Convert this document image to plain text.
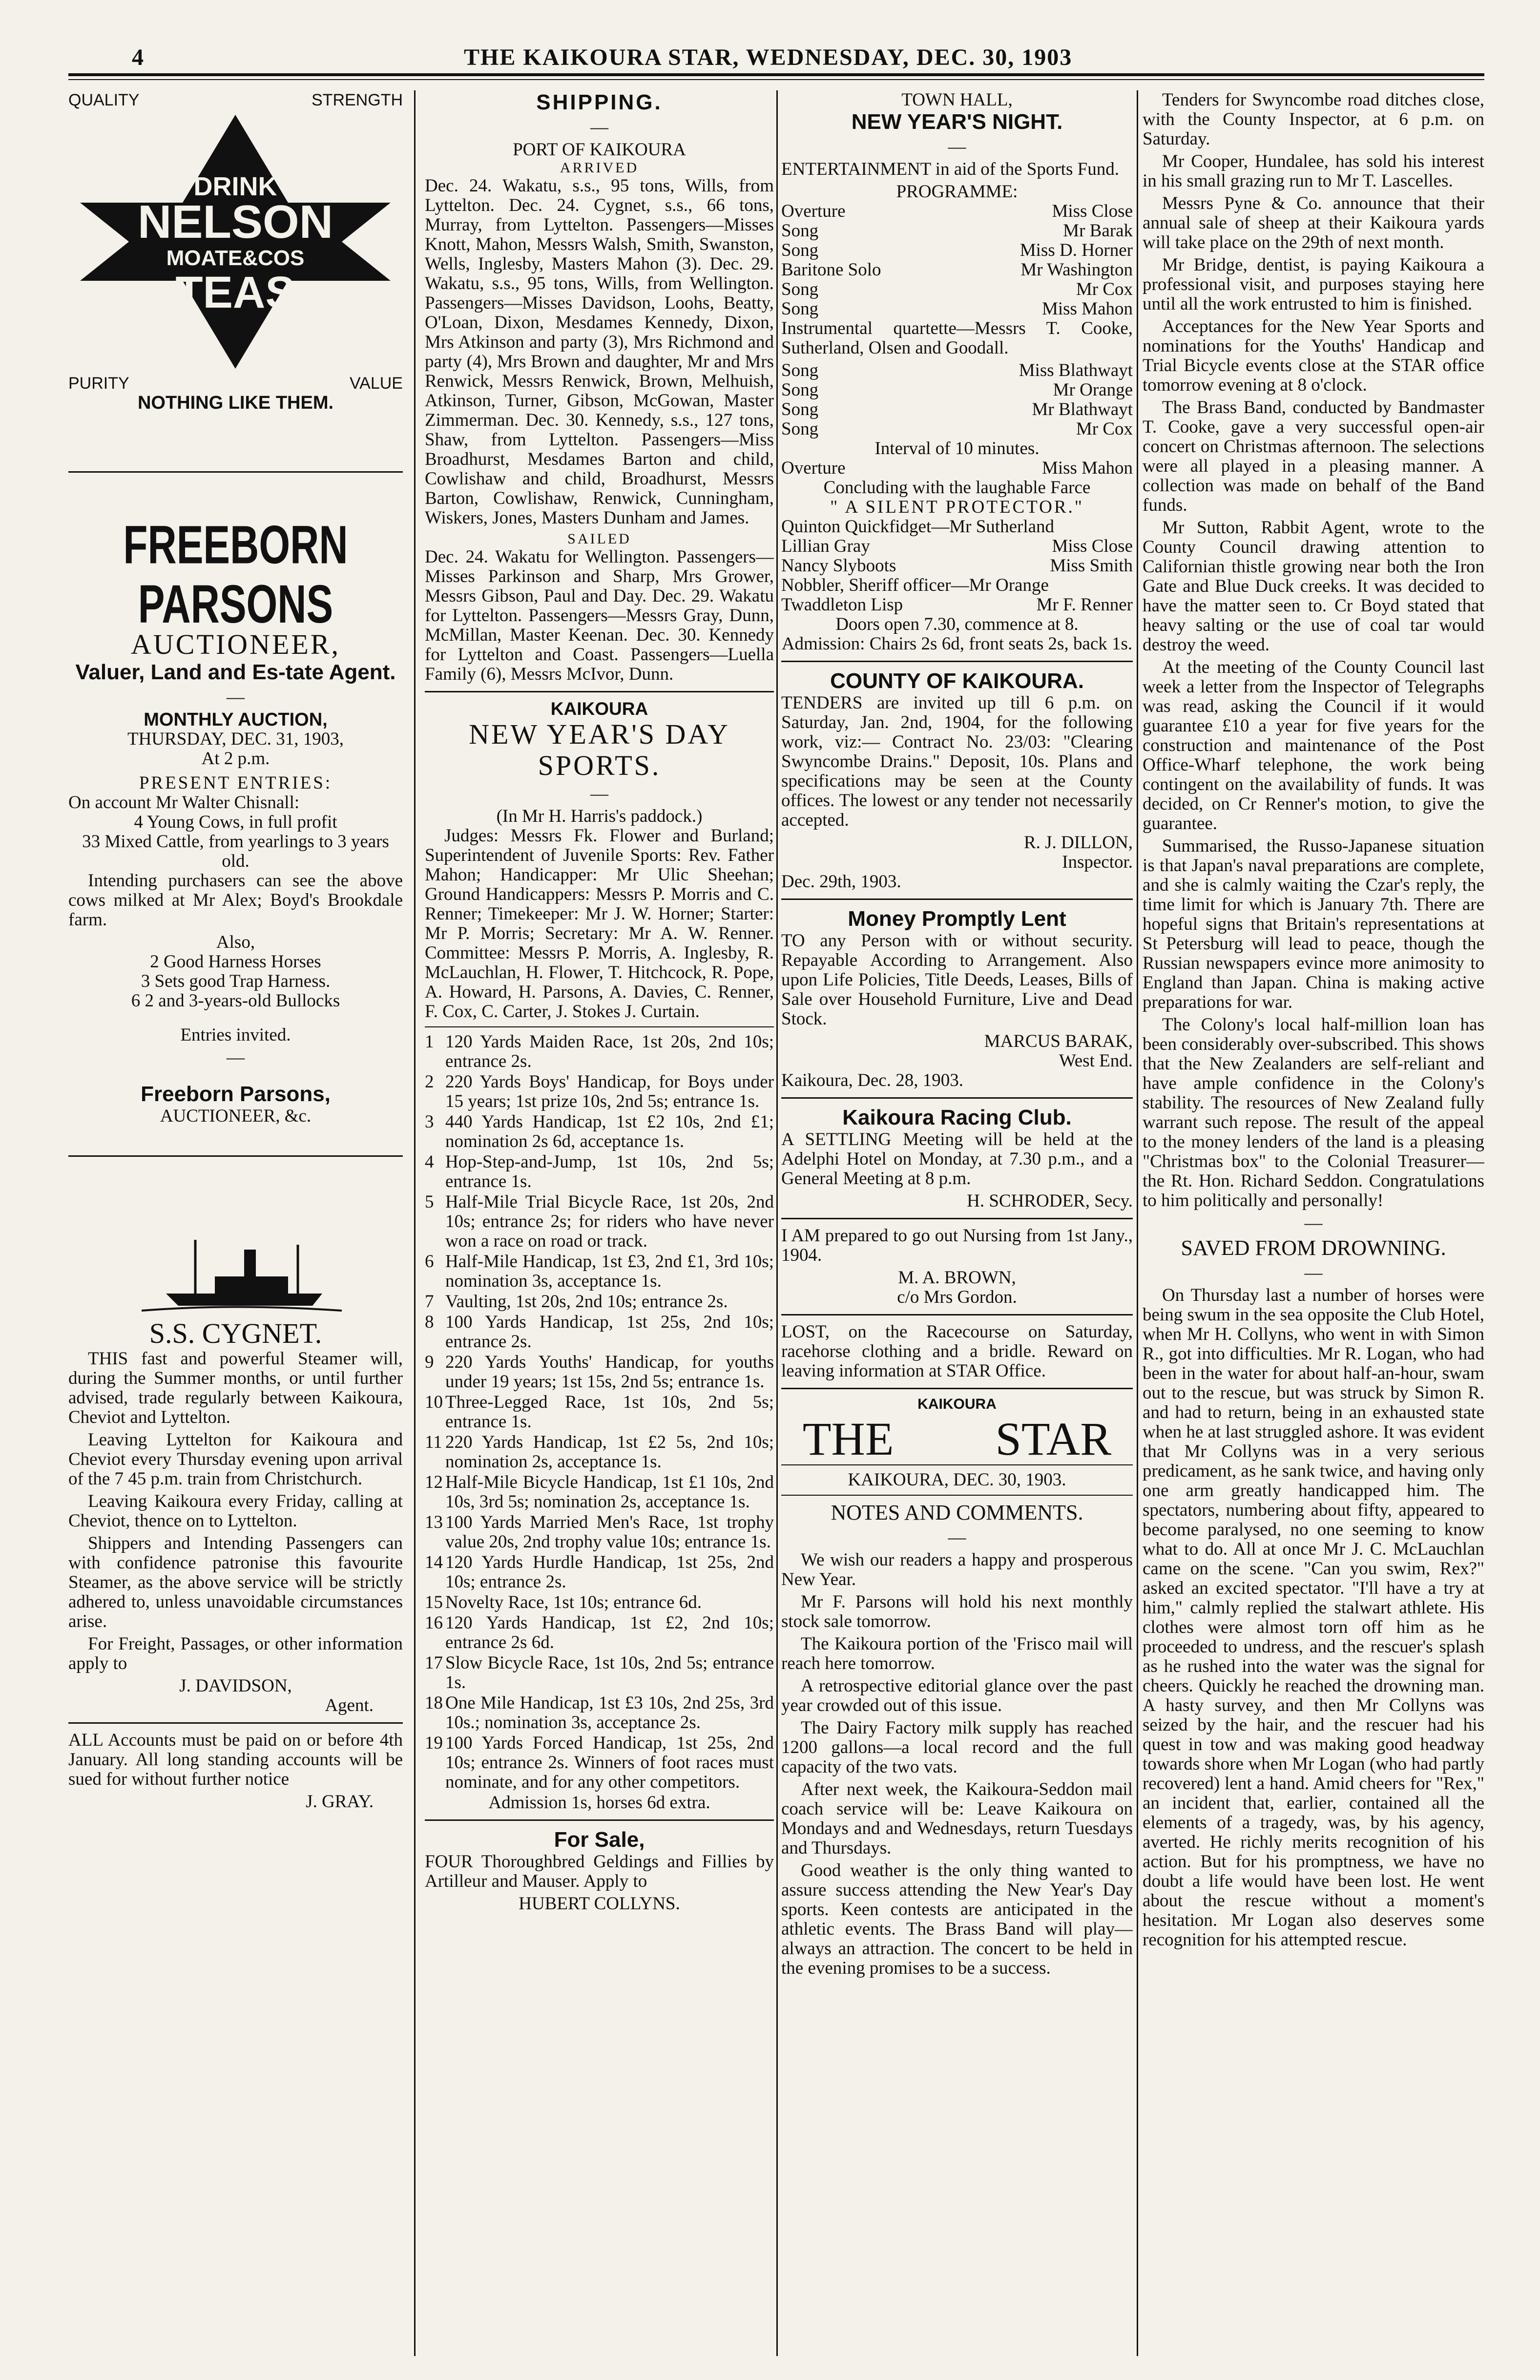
4	THE KAIKOURA STAR, WEDNESDAY, DEC. 30, 1903
QUALITY	STRENGTH
DRINK
NELSON
MOATE&COS
TEAS
PURITY	VALUE
NOTHING LIKE THEM.
FREEBORN PARSONS
AUCTIONEER,
Valuer, Land and Es-tate Agent.
—
MONTHLY AUCTION,
THURSDAY, DEC. 31, 1903,
At 2 p.m.
PRESENT ENTRIES:
On account Mr Walter Chisnall:
4 Young Cows, in full profit
33 Mixed Cattle, from yearlings to 3 years old.

Intending purchasers can see the above cows milked at Mr Alex; Boyd's Brookdale farm.

Also,
2 Good Harness Horses
3 Sets good Trap Harness.
6 2 and 3-years-old Bullocks
Entries invited.
—
Freeborn Parsons,
AUCTIONEER, &c.
S.S. CYGNET.

THIS fast and powerful Steamer will, during the Summer months, or until further advised, trade regularly between Kaikoura, Cheviot and Lyttelton.

Leaving Lyttelton for Kaikoura and Cheviot every Thursday evening upon arrival of the 7 45 p.m. train from Christchurch.

Leaving Kaikoura every Friday, calling at Cheviot, thence on to Lyttelton.

Shippers and Intending Passengers can with confidence patronise this favourite Steamer, as the above service will be strictly adhered to, unless unavoidable circumstances arise.

For Freight, Passages, or other information apply to

J. DAVIDSON,
Agent.

ALL Accounts must be paid on or before 4th January. All long standing accounts will be sued for without further notice

J. GRAY.
SHIPPING.
—
PORT OF KAIKOURA
ARRIVED

Dec. 24. Wakatu, s.s., 95 tons, Wills, from Lyttelton. Dec. 24. Cygnet, s.s., 66 tons, Murray, from Lyttelton. Passengers—Misses Knott, Mahon, Messrs Walsh, Smith, Swanston, Wells, Inglesby, Masters Mahon (3). Dec. 29. Wakatu, s.s., 95 tons, Wills, from Wellington. Passengers—Misses Davidson, Loohs, Beatty, O'Loan, Dixon, Mesdames Kennedy, Dixon, Mrs Atkinson and party (3), Mrs Richmond and party (4), Mrs Brown and daughter, Mr and Mrs Renwick, Messrs Renwick, Brown, Melhuish, Atkinson, Turner, Gibson, McGowan, Master Zimmerman. Dec. 30. Kennedy, s.s., 127 tons, Shaw, from Lyttelton. Passengers—Miss Broadhurst, Mesdames Barton and child, Cowlishaw and child, Broadhurst, Messrs Barton, Cowlishaw, Renwick, Cunningham, Wiskers, Jones, Masters Dunham and James.

SAILED

Dec. 24. Wakatu for Wellington. Passengers—Misses Parkinson and Sharp, Mrs Grower, Messrs Gibson, Paul and Day. Dec. 29. Wakatu for Lyttelton. Passengers—Messrs Gray, Dunn, McMillan, Master Keenan. Dec. 30. Kennedy for Lyttelton and Coast. Passengers—Luella Family (6), Messrs McIvor, Dunn.

KAIKOURA
NEW YEAR'S DAY SPORTS.
—
(In Mr H. Harris's paddock.)

Judges: Messrs Fk. Flower and Burland; Superintendent of Juvenile Sports: Rev. Father Mahon; Handicapper: Mr Ulic Sheehan; Ground Handicappers: Messrs P. Morris and C. Renner; Timekeeper: Mr J. W. Horner; Starter: Mr P. Morris; Secretary: Mr A. W. Renner. Committee: Messrs P. Morris, A. Inglesby, R. McLauchlan, H. Flower, T. Hitchcock, R. Pope, A. Howard, H. Parsons, A. Davies, C. Renner, F. Cox, C. Carter, J. Stokes J. Curtain.

1 120 Yards Maiden Race, 1st 20s, 2nd 10s; entrance 2s.
2 220 Yards Boys' Handicap, for Boys under 15 years; 1st prize 10s, 2nd 5s; entrance 1s.
3 440 Yards Handicap, 1st £2 10s, 2nd £1; nomination 2s 6d, acceptance 1s.
4 Hop-Step-and-Jump, 1st 10s, 2nd 5s; entrance 1s.
5 Half-Mile Trial Bicycle Race, 1st 20s, 2nd 10s; entrance 2s; for riders who have never won a race on road or track.
6 Half-Mile Handicap, 1st £3, 2nd £1, 3rd 10s; nomination 3s, acceptance 1s.
7 Vaulting, 1st 20s, 2nd 10s; entrance 2s.
8 100 Yards Handicap, 1st 25s, 2nd 10s; entrance 2s.
9 220 Yards Youths' Handicap, for youths under 19 years; 1st 15s, 2nd 5s; entrance 1s.
10 Three-Legged Race, 1st 10s, 2nd 5s; entrance 1s.
11 220 Yards Handicap, 1st £2 5s, 2nd 10s; nomination 2s, acceptance 1s.
12 Half-Mile Bicycle Handicap, 1st £1 10s, 2nd 10s, 3rd 5s; nomination 2s, acceptance 1s.
13 100 Yards Married Men's Race, 1st trophy value 20s, 2nd trophy value 10s; entrance 1s.
14 120 Yards Hurdle Handicap, 1st 25s, 2nd 10s; entrance 2s.
15 Novelty Race, 1st 10s; entrance 6d.
16 120 Yards Handicap, 1st £2, 2nd 10s; entrance 2s 6d.
17 Slow Bicycle Race, 1st 10s, 2nd 5s; entrance 1s.
18 One Mile Handicap, 1st £3 10s, 2nd 25s, 3rd 10s.; nomination 3s, acceptance 2s.
19 100 Yards Forced Handicap, 1st 25s, 2nd 10s; entrance 2s. Winners of foot races must nominate, and for any other competitors.
Admission 1s, horses 6d extra.
For Sale,

FOUR Thoroughbred Geldings and Fillies by Artilleur and Mauser. Apply to

HUBERT COLLYNS.
TOWN HALL,
NEW YEAR'S NIGHT.
—

ENTERTAINMENT in aid of the Sports Fund.

PROGRAMME:
Overture	Miss Close
Song	Mr Barak
Song	Miss D. Horner
Baritone Solo	Mr Washington
Song	Mr Cox
Song	Miss Mahon

Instrumental quartette—Messrs T. Cooke, Sutherland, Olsen and Goodall.

Song	Miss Blathwayt
Song	Mr Orange
Song	Mr Blathwayt
Song	Mr Cox
Interval of 10 minutes.
Overture	Miss Mahon
Concluding with the laughable Farce
" A SILENT PROTECTOR."
Quinton Quickfidget—Mr Sutherland
Lillian Gray	Miss Close
Nancy Slyboots	Miss Smith
Nobbler, Sheriff officer—Mr Orange
Twaddleton Lisp	Mr F. Renner
Doors open 7.30, commence at 8.
Admission: Chairs 2s 6d, front seats 2s, back 1s.
COUNTY OF KAIKOURA.

TENDERS are invited up till 6 p.m. on Saturday, Jan. 2nd, 1904, for the following work, viz:— Contract No. 23/03: "Clearing Swyncombe Drains." Deposit, 10s. Plans and specifications may be seen at the County offices. The lowest or any tender not necessarily accepted.

R. J. DILLON,
Inspector.
Dec. 29th, 1903.
Money Promptly Lent

TO any Person with or without security. Repayable According to Arrangement. Also upon Life Policies, Title Deeds, Leases, Bills of Sale over Household Furniture, Live and Dead Stock.

MARCUS BARAK,
West End.
Kaikoura, Dec. 28, 1903.
Kaikoura Racing Club.

A SETTLING Meeting will be held at the Adelphi Hotel on Monday, at 7.30 p.m., and a General Meeting at 8 p.m.

H. SCHRODER, Secy.

I AM prepared to go out Nursing from 1st Jany., 1904.

M. A. BROWN,
c/o Mrs Gordon.

LOST, on the Racecourse on Saturday, racehorse clothing and a bridle. Reward on leaving information at STAR Office.

THE STAR
KAIKOURA
KAIKOURA, DEC. 30, 1903.
NOTES AND COMMENTS.
—

We wish our readers a happy and prosperous New Year.

Mr F. Parsons will hold his next monthly stock sale tomorrow.

The Kaikoura portion of the 'Frisco mail will reach here tomorrow.

A retrospective editorial glance over the past year crowded out of this issue.

The Dairy Factory milk supply has reached 1200 gallons—a local record and the full capacity of the two vats.

After next week, the Kaikoura-Seddon mail coach service will be: Leave Kaikoura on Mondays and and Wednesdays, return Tuesdays and Thursdays.

Good weather is the only thing wanted to assure success attending the New Year's Day sports. Keen contests are anticipated in the athletic events. The Brass Band will play—always an attraction. The concert to be held in the evening promises to be a success.

Tenders for Swyncombe road ditches close, with the County Inspector, at 6 p.m. on Saturday.

Mr Cooper, Hundalee, has sold his interest in his small grazing run to Mr T. Lascelles.

Messrs Pyne & Co. announce that their annual sale of sheep at their Kaikoura yards will take place on the 29th of next month.

Mr Bridge, dentist, is paying Kaikoura a professional visit, and purposes staying here until all the work entrusted to him is finished.

Acceptances for the New Year Sports and nominations for the Youths' Handicap and Trial Bicycle events close at the STAR office tomorrow evening at 8 o'clock.

The Brass Band, conducted by Bandmaster T. Cooke, gave a very successful open-air concert on Christmas afternoon. The selections were all played in a pleasing manner. A collection was made on behalf of the Band funds.

Mr Sutton, Rabbit Agent, wrote to the County Council drawing attention to Californian thistle growing near both the Iron Gate and Blue Duck creeks. It was decided to have the matter seen to. Cr Boyd stated that heavy salting or the use of coal tar would destroy the weed.

At the meeting of the County Council last week a letter from the Inspector of Telegraphs was read, asking the Council if it would guarantee £10 a year for five years for the construction and maintenance of the Post Office-Wharf telephone, the work being contingent on the availability of funds. It was decided, on Cr Renner's motion, to give the guarantee.

Summarised, the Russo-Japanese situation is that Japan's naval preparations are complete, and she is calmly waiting the Czar's reply, the time limit for which is January 7th. There are hopeful signs that Britain's representations at St Petersburg will lead to peace, though the Russian newspapers evince more animosity to England than Japan. China is making active preparations for war.

The Colony's local half-million loan has been considerably over-subscribed. This shows that the New Zealanders are self-reliant and have ample confidence in the Colony's stability. The resources of New Zealand fully warrant such repose. The result of the appeal to the money lenders of the land is a pleasing "Christmas box" to the Colonial Treasurer—the Rt. Hon. Richard Seddon. Congratulations to him politically and personally!

—
SAVED FROM DROWNING.
—

On Thursday last a number of horses were being swum in the sea opposite the Club Hotel, when Mr H. Collyns, who went in with Simon R., got into difficulties. Mr R. Logan, who had been in the water for about half-an-hour, swam out to the rescue, but was struck by Simon R. and had to return, being in an exhausted state when he at last struggled ashore. It was evident that Mr Collyns was in a very serious predicament, as he sank twice, and having only one arm greatly handicapped him. The spectators, numbering about fifty, appeared to become paralysed, no one seeming to know what to do. All at once Mr J. C. McLauchlan came on the scene. "Can you swim, Rex?" asked an excited spectator. "I'll have a try at him," calmly replied the stalwart athlete. His clothes were almost torn off him as he proceeded to undress, and the rescuer's splash as he rushed into the water was the signal for cheers. Quickly he reached the drowning man. A hasty survey, and then Mr Collyns was seized by the hair, and the rescuer had his quest in tow and was making good headway towards shore when Mr Logan (who had partly recovered) lent a hand. Amid cheers for "Rex," an incident that, earlier, contained all the elements of a tragedy, was, by his agency, averted. He richly merits recognition of his action. But for his promptness, we have no doubt a life would have been lost. He went about the rescue without a moment's hesitation. Mr Logan also deserves some recognition for his attempted rescue.
